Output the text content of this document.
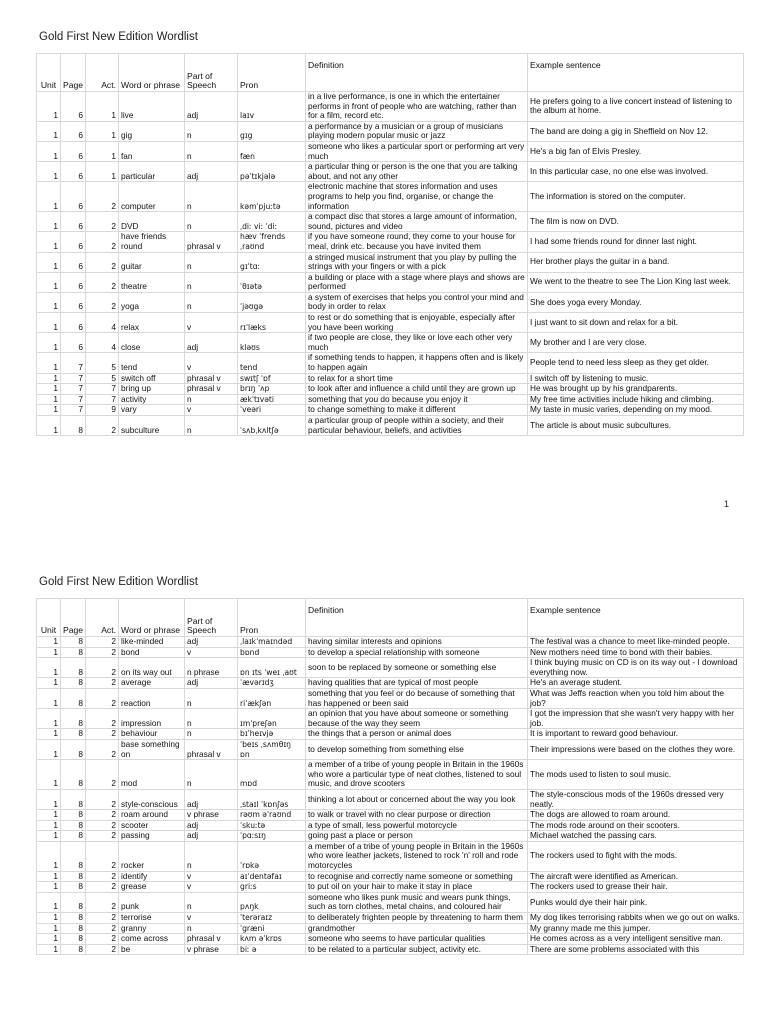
Gold First New Edition Wordlist
Unit	Page	Act.	Word or phrase	Part of Speech	Pron	Definition	Example sentence
1	6	1	live	adj	laɪv	in a live performance, is one in which the entertainer performs in front of people who are watching, rather than for a film, record etc.	He prefers going to a live concert instead of listening to the album at home.
1	6	1	gig	n	gɪg	a performance by a musician or a group of musicians playing modern popular music or jazz	The band are doing a gig in Sheffield on Nov 12.
1	6	1	fan	n	fæn	someone who likes a particular sport or performing art very much	He's a big fan of Elvis Presley.
1	6	1	particular	adj	pəˈtɪkjələ	a particular thing or person is the one that you are talking about, and not any other	In this particular case, no one else was involved.
1	6	2	computer	n	kəmˈpjuːtə	electronic machine that stores information and uses programs to help you find, organise, or change the information	The information is stored on the computer.
1	6	2	DVD	n	ˌdiː viː ˈdiː	a compact disc that stores a large amount of information, sound, pictures and video	The film is now on DVD.
1	6	2	have friends round	phrasal v	hæv ˈfrends ˌraʊnd	if you have someone round, they come to your house for meal, drink etc. because you have invited them	I had some friends round for dinner last night.
1	6	2	guitar	n	gɪˈtɑː	a stringed musical instrument that you play by pulling the strings with your fingers or with a pick	Her brother plays the guitar in a band.
1	6	2	theatre	n	ˈθɪətə	a building or place with a stage where plays and shows are performed	We went to the theatre to see The Lion King last week.
1	6	2	yoga	n	ˈjəʊgə	a system of exercises that helps you control your mind and body in order to relax	She does yoga every Monday.
1	6	4	relax	v	rɪˈlæks	to rest or do something that is enjoyable, especially after you have been working	I just want to sit down and relax for a bit.
1	6	4	close	adj	kləʊs	if two people are close, they like or love each other very much	My brother and I are very close.
1	7	5	tend	v	tend	if something tends to happen, it happens often and is likely to happen again	People tend to need less sleep as they get older.
1	7	5	switch off	phrasal v	swɪtʃ ˈɒf	to relax for a short time	I switch off by listening to music.
1	7	7	bring up	phrasal v	brɪŋ ˈʌp	to look after and influence a child until they are grown up	He was brought up by his grandparents.
1	7	7	activity	n	ækˈtɪvəti	something that you do because you enjoy it	My free time activities include hiking and climbing.
1	7	9	vary	v	ˈveəri	to change something to make it different	My taste in music varies, depending on my mood.
1	8	2	subculture	n	ˈsʌbˌkʌltʃə	a particular group of people within a society, and their particular behaviour, beliefs, and activities	The article is about music subcultures.
1
Gold First New Edition Wordlist
Unit	Page	Act.	Word or phrase	Part of Speech	Pron	Definition	Example sentence
1	8	2	like-minded	adj	ˌlaɪkˈmaɪndəd	having similar interests and opinions	The festival was a chance to meet like-minded people.
1	8	2	bond	v	bɒnd	to develop a special relationship with someone	New mothers need time to bond with their babies.
1	8	2	on its way out	n phrase	ɒn ɪts ˈweɪ ˌaʊt	soon to be replaced by someone or something else	I think buying music on CD is on its way out - I download everything now.
1	8	2	average	adj	ˈævərɪdʒ	having qualities that are typical of most people	He's an average student.
1	8	2	reaction	n	riˈækʃən	something that you feel or do because of something that has happened or been said	What was Jeffs reaction when you told him about the job?
1	8	2	impression	n	ɪmˈpreʃən	an opinion that you have about someone or something because of the way they seem	I got the impression that she wasn't very happy with her job.
1	8	2	behaviour	n	bɪˈheɪvjə	the things that a person or animal does	It is important to reward good behaviour.
1	8	2	base something on	phrasal v	ˈbeɪs ˌsʌmθɪŋ ɒn	to develop something from something else	Their impressions were based on the clothes they wore.
1	8	2	mod	n	mɒd	a member of a tribe of young people in Britain in the 1960s who wore a particular type of neat clothes, listened to soul music, and drove scooters	The mods used to listen to soul music.
1	8	2	style-conscious	adj	ˌstaɪl ˈkɒnʃəs	thinking a lot about or concerned about the way you look	The style-conscious mods of the 1960s dressed very neatly.
1	8	2	roam around	v phrase	rəʊm əˈraʊnd	to walk or travel with no clear purpose or direction	The dogs are allowed to roam around.
1	8	2	scooter	adj	ˈskuːtə	a type of small, less powerful motorcycle	The mods rode around on their scooters.
1	8	2	passing	adj	ˈpɑːsɪŋ	going past a place or person	Michael watched the passing cars.
1	8	2	rocker	n	ˈrɒkə	a member of a tribe of young people in Britain in the 1960s who wore leather jackets, listened to rock 'n' roll and rode motorcycles	The rockers used to fight with the mods.
1	8	2	identify	v	aɪˈdentəfaɪ	to recognise and correctly name someone or something	The aircraft were identified as American.
1	8	2	grease	v	griːs	to put oil on your hair to make it stay in place	The rockers used to grease their hair.
1	8	2	punk	n	pʌŋk	someone who likes punk music and wears punk things, such as torn clothes, metal chains, and coloured hair	Punks would dye their hair pink.
1	8	2	terrorise	v	ˈterəraɪz	to deliberately frighten people by threatening to harm them	My dog likes terrorising rabbits when we go out on walks.
1	8	2	granny	n	ˈgræni	grandmother	My granny made me this jumper.
1	8	2	come across	phrasal v	kʌm əˈkrɒs	someone who seems to have particular qualities	He comes across as a very intelligent sensitive man.
1	8	2	be	v phrase	biː ə	to be related to a particular subject, activity etc.	There are some problems associated with this
